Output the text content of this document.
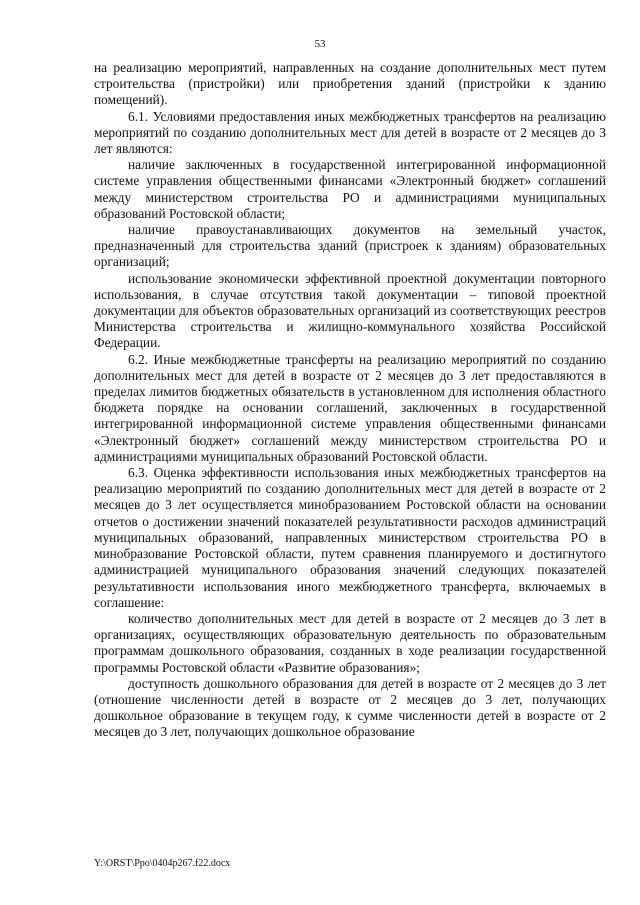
53

на реализацию мероприятий, направленных на создание дополнительных мест путем строительства (пристройки) или приобретения зданий (пристройки к зданию помещений).

6.1. Условиями предоставления иных межбюджетных трансфертов на реализацию мероприятий по созданию дополнительных мест для детей в возрасте от 2 месяцев до 3 лет являются:

наличие заключенных в государственной интегрированной информационной системе управления общественными финансами «Электронный бюджет» соглашений между министерством строительства РО и администрациями муниципальных образований Ростовской области;

наличие правоустанавливающих документов на земельный участок, предназначенный для строительства зданий (пристроек к зданиям) образовательных организаций;

использование экономически эффективной проектной документации повторного использования, в случае отсутствия такой документации – типовой проектной документации для объектов образовательных организаций из соответствующих реестров Министерства строительства и жилищно-коммунального хозяйства Российской Федерации.

6.2. Иные межбюджетные трансферты на реализацию мероприятий по созданию дополнительных мест для детей в возрасте от 2 месяцев до 3 лет предоставляются в пределах лимитов бюджетных обязательств в установленном для исполнения областного бюджета порядке на основании соглашений, заключенных в государственной интегрированной информационной системе управления общественными финансами «Электронный бюджет» соглашений между министерством строительства РО и администрациями муниципальных образований Ростовской области.

6.3. Оценка эффективности использования иных межбюджетных трансфертов на реализацию мероприятий по созданию дополнительных мест для детей в возрасте от 2 месяцев до 3 лет осуществляется минобразованием Ростовской области на основании отчетов о достижении значений показателей результативности расходов администраций муниципальных образований, направленных министерством строительства РО в минобразование Ростовской области, путем сравнения планируемого и достигнутого администрацией муниципального образования значений следующих показателей результативности использования иного межбюджетного трансферта, включаемых в соглашение:

количество дополнительных мест для детей в возрасте от 2 месяцев до 3 лет в организациях, осуществляющих образовательную деятельность по образовательным программам дошкольного образования, созданных в ходе реализации государственной программы Ростовской области «Развитие образования»;

доступность дошкольного образования для детей в возрасте от 2 месяцев до 3 лет (отношение численности детей в возрасте от 2 месяцев до 3 лет, получающих дошкольное образование в текущем году, к сумме численности детей в возрасте от 2 месяцев до 3 лет, получающих дошкольное образование

Y:\ORST\Ppo\0404p267.f22.docx
